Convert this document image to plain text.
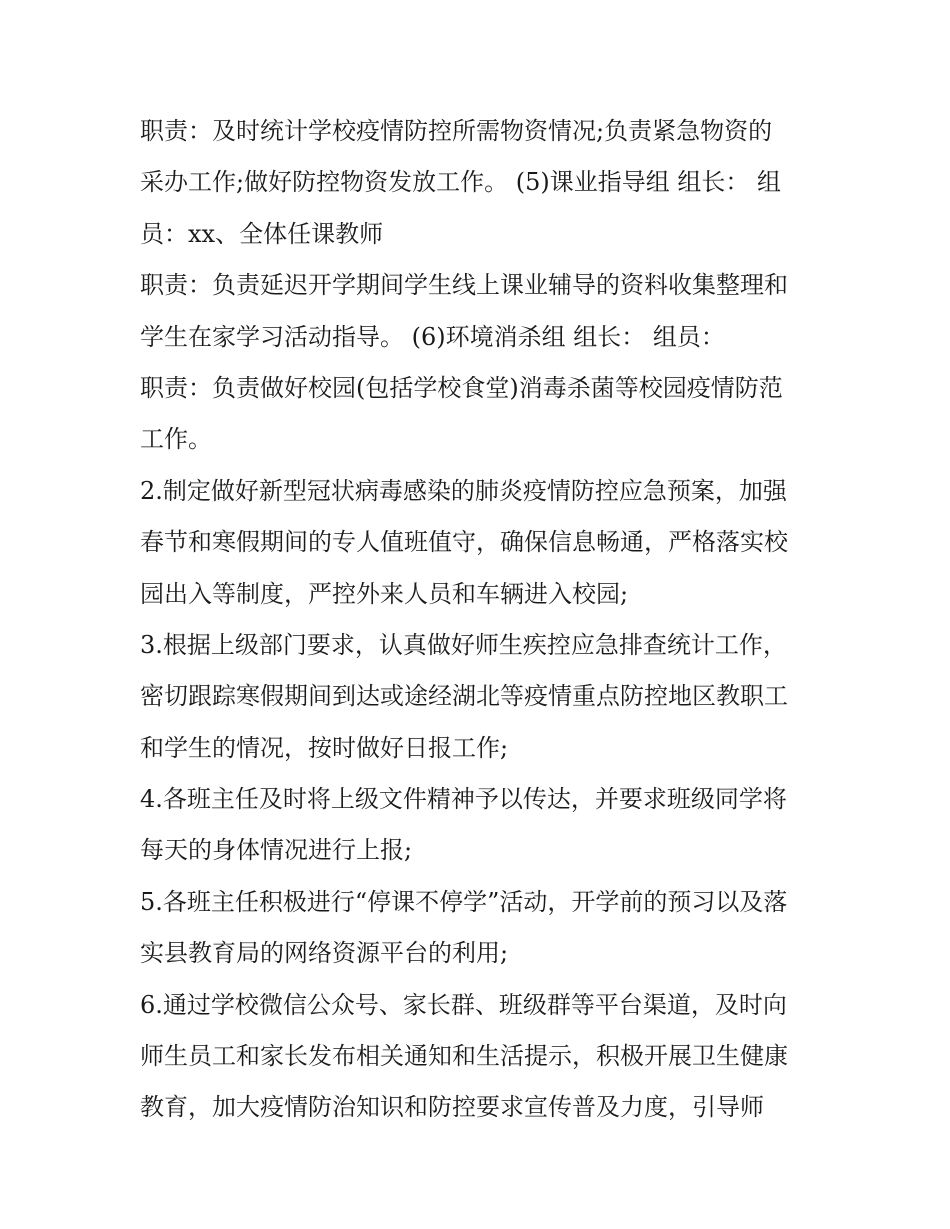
职责：及时统计学校疫情防控所需物资情况;负责紧急物资的
采办工作;做好防控物资发放工作。 (5)课业指导组 组长： 组
员：xx、全体任课教师
职责：负责延迟开学期间学生线上课业辅导的资料收集整理和
学生在家学习活动指导。 (6)环境消杀组 组长： 组员：
职责：负责做好校园(包括学校食堂)消毒杀菌等校园疫情防范
工作。
2.制定做好新型冠状病毒感染的肺炎疫情防控应急预案，加强
春节和寒假期间的专人值班值守，确保信息畅通，严格落实校
园出入等制度，严控外来人员和车辆进入校园;
3.根据上级部门要求，认真做好师生疾控应急排查统计工作，
密切跟踪寒假期间到达或途经湖北等疫情重点防控地区教职工
和学生的情况，按时做好日报工作;
4.各班主任及时将上级文件精神予以传达，并要求班级同学将
每天的身体情况进行上报;
5.各班主任积极进行“停课不停学”活动，开学前的预习以及落
实县教育局的网络资源平台的利用;
6.通过学校微信公众号、家长群、班级群等平台渠道，及时向
师生员工和家长发布相关通知和生活提示，积极开展卫生健康
教育，加大疫情防治知识和防控要求宣传普及力度，引导师
